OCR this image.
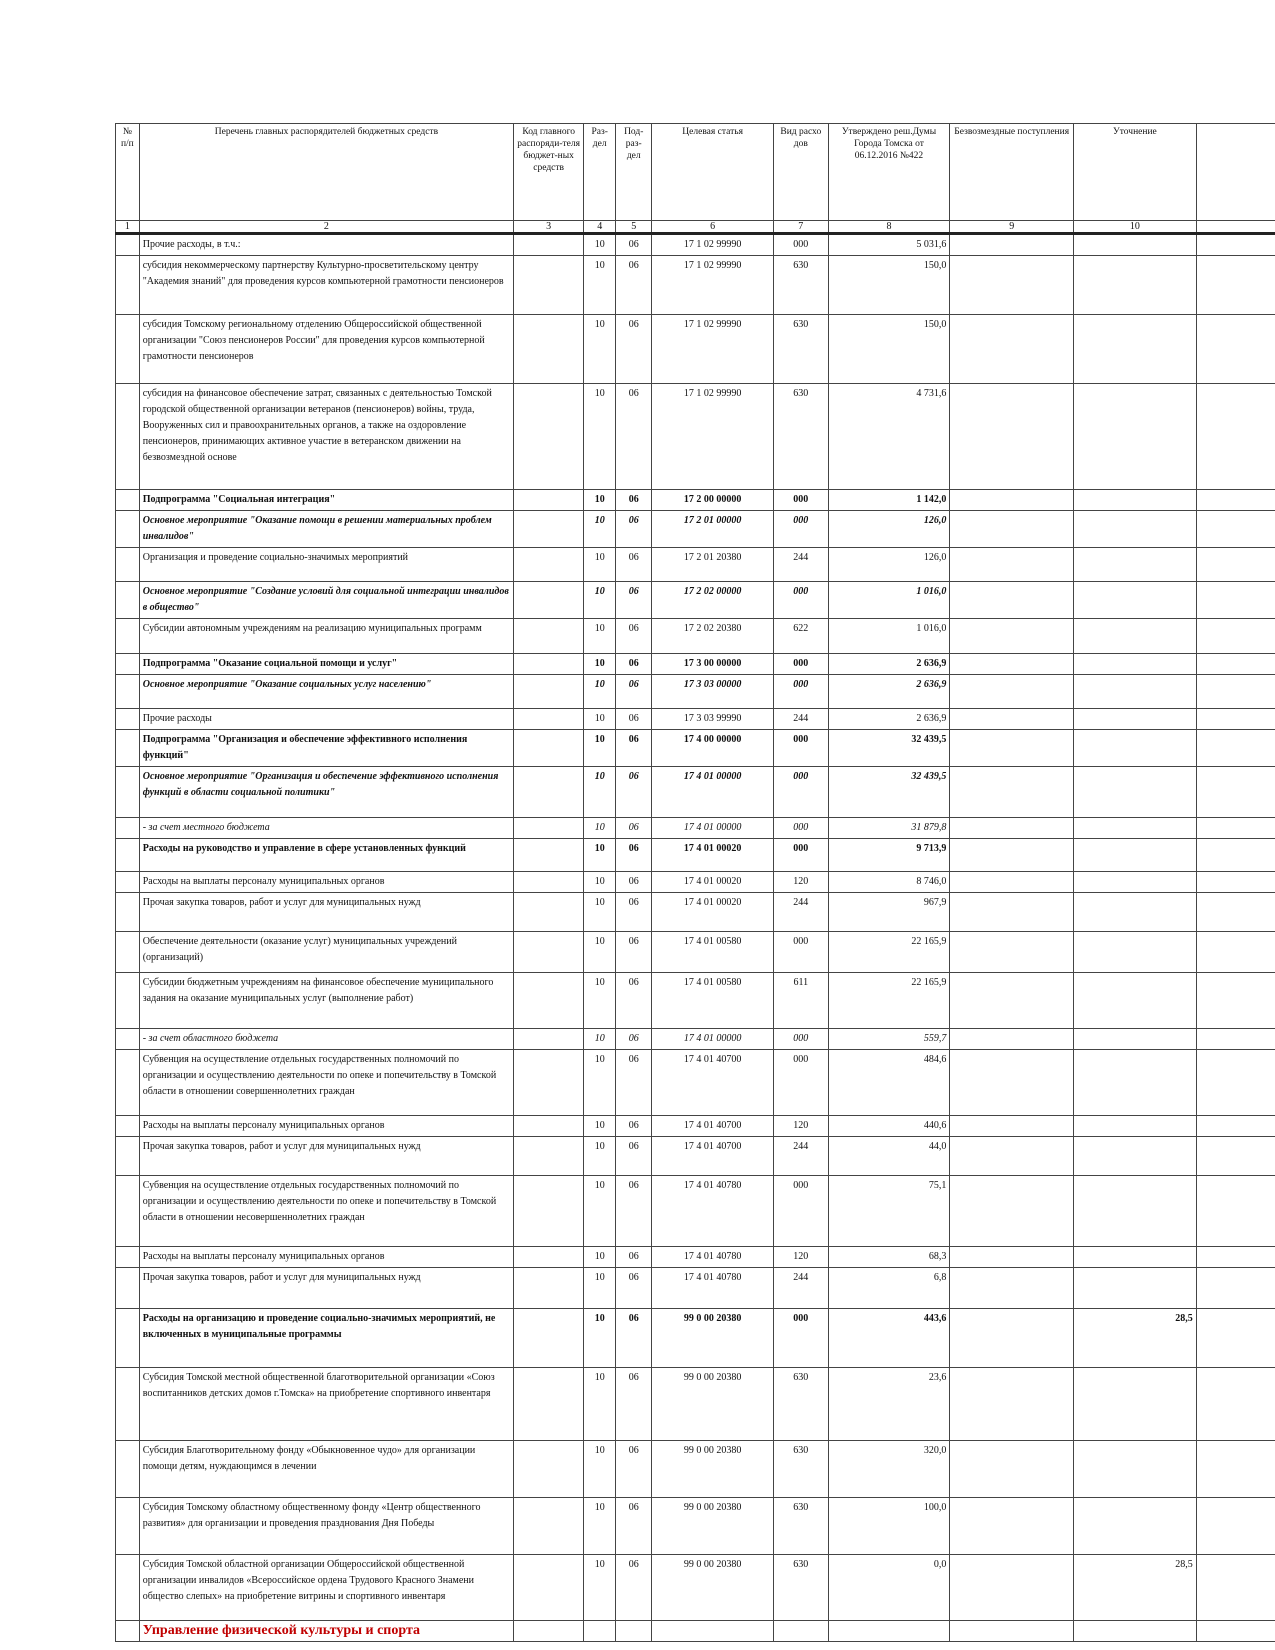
№ п/п	Перечень главных распорядителей бюджетных средств	Код главного распоряди-теля бюджет-ных средств	Раз-дел	Под-раз-дел	Целевая статья	Вид расхо дов	Утверждено реш.Думы Города Томска от 06.12.2016 №422	Безвозмездные поступления	Уточнение	
1	2	3	4	5	6	7	8	9	10	
	Прочие расходы, в т.ч.:		10	06	17 1 02 99990	000	5 031,6			
	субсидия некоммерческому партнерству Культурно-просветительскому центру "Академия знаний" для проведения курсов компьютерной грамотности пенсионеров		10	06	17 1 02 99990	630	150,0			
	субсидия Томскому региональному отделению Общероссийской общественной организации "Союз пенсионеров России" для проведения курсов компьютерной грамотности пенсионеров		10	06	17 1 02 99990	630	150,0			
	субсидия на финансовое обеспечение затрат, связанных с деятельностью Томской городской общественной организации ветеранов (пенсионеров) войны, труда, Вооруженных сил и правоохранительных органов, а также на оздоровление пенсионеров, принимающих активное участие в ветеранском движении на безвозмездной основе		10	06	17 1 02 99990	630	4 731,6			
	Подпрограмма "Социальная интеграция"		10	06	17 2 00 00000	000	1 142,0			
	Основное мероприятие "Оказание помощи в решении материальных проблем инвалидов"		10	06	17 2 01 00000	000	126,0			
	Организация и проведение социально-значимых мероприятий		10	06	17 2 01 20380	244	126,0			
	Основное мероприятие "Создание условий для социальной интеграции инвалидов в общество"		10	06	17 2 02 00000	000	1 016,0			
	Субсидии автономным учреждениям на реализацию муниципальных программ		10	06	17 2 02 20380	622	1 016,0			
	Подпрограмма "Оказание социальной помощи и услуг"		10	06	17 3 00 00000	000	2 636,9			
	Основное мероприятие "Оказание социальных услуг населению"		10	06	17 3 03 00000	000	2 636,9			
	Прочие расходы		10	06	17 3 03 99990	244	2 636,9			
	Подпрограмма "Организация и обеспечение эффективного исполнения функций"		10	06	17 4 00 00000	000	32 439,5			
	Основное мероприятие "Организация и обеспечение эффективного исполнения функций в области социальной политики"		10	06	17 4 01 00000	000	32 439,5			
	- за счет местного бюджета		10	06	17 4 01 00000	000	31 879,8			
	Расходы на руководство и управление в сфере установленных функций		10	06	17 4 01 00020	000	9 713,9			
	Расходы на выплаты персоналу муниципальных органов		10	06	17 4 01 00020	120	8 746,0			
	Прочая закупка товаров, работ и услуг для муниципальных нужд		10	06	17 4 01 00020	244	967,9			
	Обеспечение деятельности (оказание услуг) муниципальных учреждений (организаций)		10	06	17 4 01 00580	000	22 165,9			
	Субсидии бюджетным учреждениям на финансовое обеспечение муниципального задания на оказание муниципальных услуг (выполнение работ)		10	06	17 4 01 00580	611	22 165,9			
	- за счет областного бюджета		10	06	17 4 01 00000	000	559,7			
	Субвенция на осуществление отдельных государственных полномочий по организации и осуществлению деятельности по опеке и попечительству в Томской области в отношении совершеннолетних граждан		10	06	17 4 01 40700	000	484,6			
	Расходы на выплаты персоналу муниципальных органов		10	06	17 4 01 40700	120	440,6			
	Прочая закупка товаров, работ и услуг для муниципальных нужд		10	06	17 4 01 40700	244	44,0			
	Субвенция на осуществление отдельных государственных полномочий по организации и осуществлению деятельности по опеке и попечительству в Томской области в отношении несовершеннолетних граждан		10	06	17 4 01 40780	000	75,1			
	Расходы на выплаты персоналу муниципальных органов		10	06	17 4 01 40780	120	68,3			
	Прочая закупка товаров, работ и услуг для муниципальных нужд		10	06	17 4 01 40780	244	6,8			
	Расходы на организацию и проведение социально-значимых мероприятий, не включенных в муниципальные программы		10	06	99 0 00 20380	000	443,6		28,5	
	Субсидия Томской местной общественной благотворительной организации «Союз воспитанников детских домов г.Томска» на приобретение спортивного инвентаря		10	06	99 0 00 20380	630	23,6			
	Субсидия Благотворительному фонду «Обыкновенное чудо» для организации помощи детям, нуждающимся в лечении		10	06	99 0 00 20380	630	320,0			
	Субсидия Томскому областному общественному фонду «Центр общественного развития» для организации и проведения празднования Дня Победы		10	06	99 0 00 20380	630	100,0			
	Субсидия Томской областной организации Общероссийской общественной организации инвалидов «Всероссийское ордена Трудового Красного Знамени общество слепых» на приобретение витрины и спортивного инвентаря		10	06	99 0 00 20380	630	0,0		28,5	
	Управление физической культуры и спорта									
